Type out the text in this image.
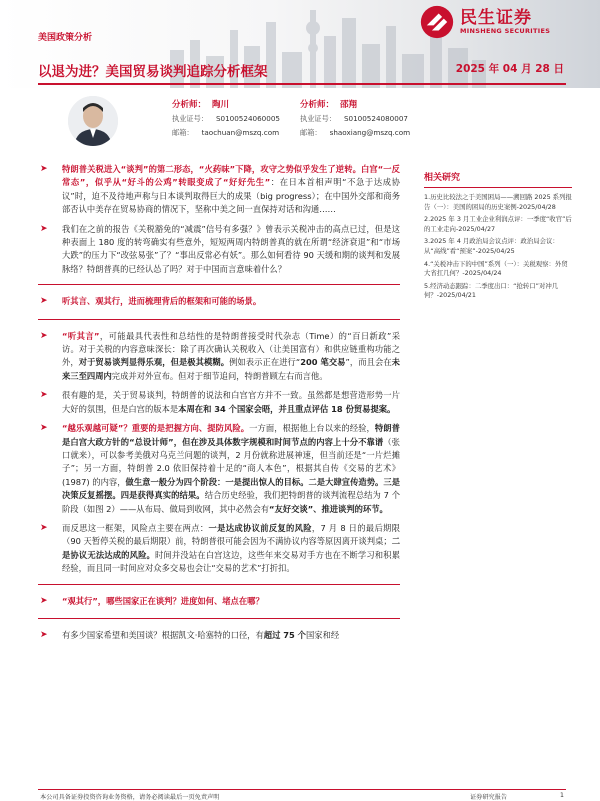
美国政策分析
民生证券
MINSHENG SECURITIES
以退为进？美国贸易谈判追踪分析框架	2025 年 04 月 28 日
分析师： 陶川
执业证号： S0100524060005
邮箱： taochuan@mszq.com
分析师： 邵翔
执业证号： S0100524080007
邮箱： shaoxiang@mszq.com
➤ 特朗普关税进入“谈判”的第二形态，“火药味”下降，攻守之势似乎发生了逆转。白宫“一反常态”，似乎从“好斗的公鸡”转眼变成了“好好先生”：在日本首相声明“不急于达成协议”时，迫不及待地声称与日本谈判取得巨大的成果（big progress）；在中国外交部和商务部否认中美存在贸易协商的情况下，坚称中美之间一直保持对话和沟通……
➤ 我们在之前的报告《关税豁免的“减震”信号有多强？》曾表示关税冲击的高点已过，但是这种表面上 180 度的转弯确实有些意外，短短两周内特朗普真的就在所谓“经济衰退”和“市场大跌”的压力下“改弦易张”了？“事出反常必有妖”。那么如何看待 90 天缓和期的谈判和发展脉络？特朗普真的已经认怂了吗？对于中国而言意味着什么？
➤ 听其言、观其行，进而梳理背后的框架和可能的场景。
➤ “听其言”，可能最具代表性和总结性的是特朗普接受时代杂志（Time）的“百日新政”采访。对于关税的内容意味深长：除了再次确认关税收入（让美国富有）和供应链重构功能之外，对于贸易谈判显得乐观，但是极其模糊。例如表示正在进行“200 笔交易”，而且会在未来三至四周内完成并对外宣布。但对于细节追问，特朗普顾左右而言他。
➤ 很有趣的是，关于贸易谈判，特朗普的说法和白宫官方并不一致。虽然都是想营造形势一片大好的氛围，但是白宫的版本是本周在和 34 个国家会晤，并且重点评估 18 份贸易提案。
➤ “越乐观越可疑”？重要的是把握方向、提防风险。一方面，根据他上台以来的经验，特朗普是白宫大政方针的“总设计师”，但在涉及具体数字规模和时间节点的内容上十分不靠谱（张口就来），可以参考美俄对乌克兰问题的谈判，2 月份就称进展神速，但当前还是“一片烂摊子”；另一方面，特朗普 2.0 依旧保持着十足的“商人本色”，根据其自传《交易的艺术》(1987) 的内容，做生意一般分为四个阶段：一是提出惊人的目标。二是大肆宣传造势。三是决策反复摇摆。四是获得真实的结果。结合历史经验，我们把特朗普的谈判流程总结为 7 个阶段（如图 2）——从布局、做局到收网，其中必然会有“友好交谈”、推进谈判的环节。
➤ 而反思这一框架，风险点主要在两点：一是达成协议前反复的风险，7 月 8 日的最后期限（90 天暂停关税的最后期限）前，特朗普很可能会因为不满协议内容等原因离开谈判桌；二是协议无法达成的风险。时间并没站在白宫这边，这些年来交易对手方也在不断学习和积累经验，而且同一时间应对众多交易也会让“交易的艺术”打折扣。
➤ “观其行”，哪些国家正在谈判？进度如何、堵点在哪？
➤ 有多少国家希望和美国谈？根据凯文·哈塞特的口径，有超过 75 个国家和经
相关研究
1.历史比较法之于美国困局——溯回路 2025 系列报告（一）：美国的困局的历史案例-2025/04/28
2.2025 年 3 月工业企业利润点评：一季度“收官”后的工业走向-2025/04/27
3.2025 年 4 月政治局会议点评：政治局会议：从“高线”看“预案”-2025/04/25
4.“关税冲击下的中国”系列（一）：关税观察：外贸大省扛几何？-2025/04/24
5.经济动态跟踪：二季度出口：“抢转口”对冲几何？-2025/04/21
本公司具备证券投资咨询业务资格，请务必阅读最后一页免责声明	证券研究报告	1
